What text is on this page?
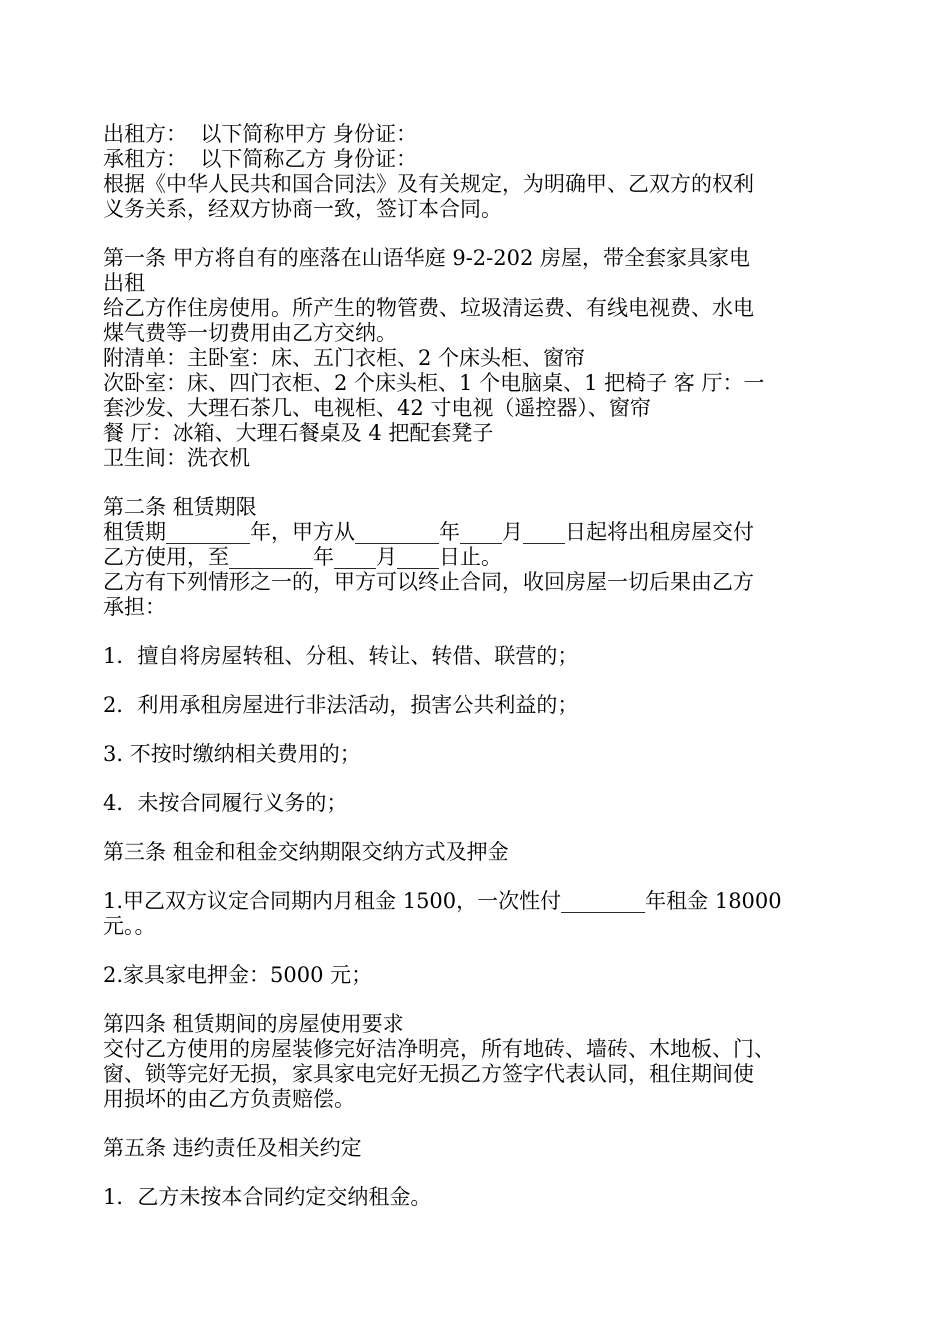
出租方：  以下简称甲方 身份证：
承租方：  以下简称乙方 身份证：
根据《中华人民共和国合同法》及有关规定，为明确甲、乙双方的权利
义务关系，经双方协商一致，签订本合同。
第一条 甲方将自有的座落在山语华庭 9-2-202 房屋，带全套家具家电
出租
给乙方作住房使用。所产生的物管费、垃圾清运费、有线电视费、水电
煤气费等一切费用由乙方交纳。
附清单：主卧室：床、五门衣柜、2 个床头柜、窗帘
次卧室：床、四门衣柜、2 个床头柜、1 个电脑桌、1 把椅子 客 厅：一
套沙发、大理石茶几、电视柜、42 寸电视（遥控器）、窗帘
餐 厅：冰箱、大理石餐桌及 4 把配套凳子
卫生间：洗衣机
第二条 租赁期限
租赁期________年，甲方从________年____月____日起将出租房屋交付
乙方使用，至________年____月____日止。
乙方有下列情形之一的，甲方可以终止合同，收回房屋一切后果由乙方
承担：
1．擅自将房屋转租、分租、转让、转借、联营的；
2．利用承租房屋进行非法活动，损害公共利益的；
3. 不按时缴纳相关费用的；
4．未按合同履行义务的；
第三条 租金和租金交纳期限交纳方式及押金
1.甲乙双方议定合同期内月租金 1500，一次性付________年租金 18000
元。。
2.家具家电押金：5000 元；
第四条 租赁期间的房屋使用要求
交付乙方使用的房屋装修完好洁净明亮，所有地砖、墙砖、木地板、门、
窗、锁等完好无损，家具家电完好无损乙方签字代表认同，租住期间使
用损坏的由乙方负责赔偿。
第五条 违约责任及相关约定
1．乙方未按本合同约定交纳租金。
